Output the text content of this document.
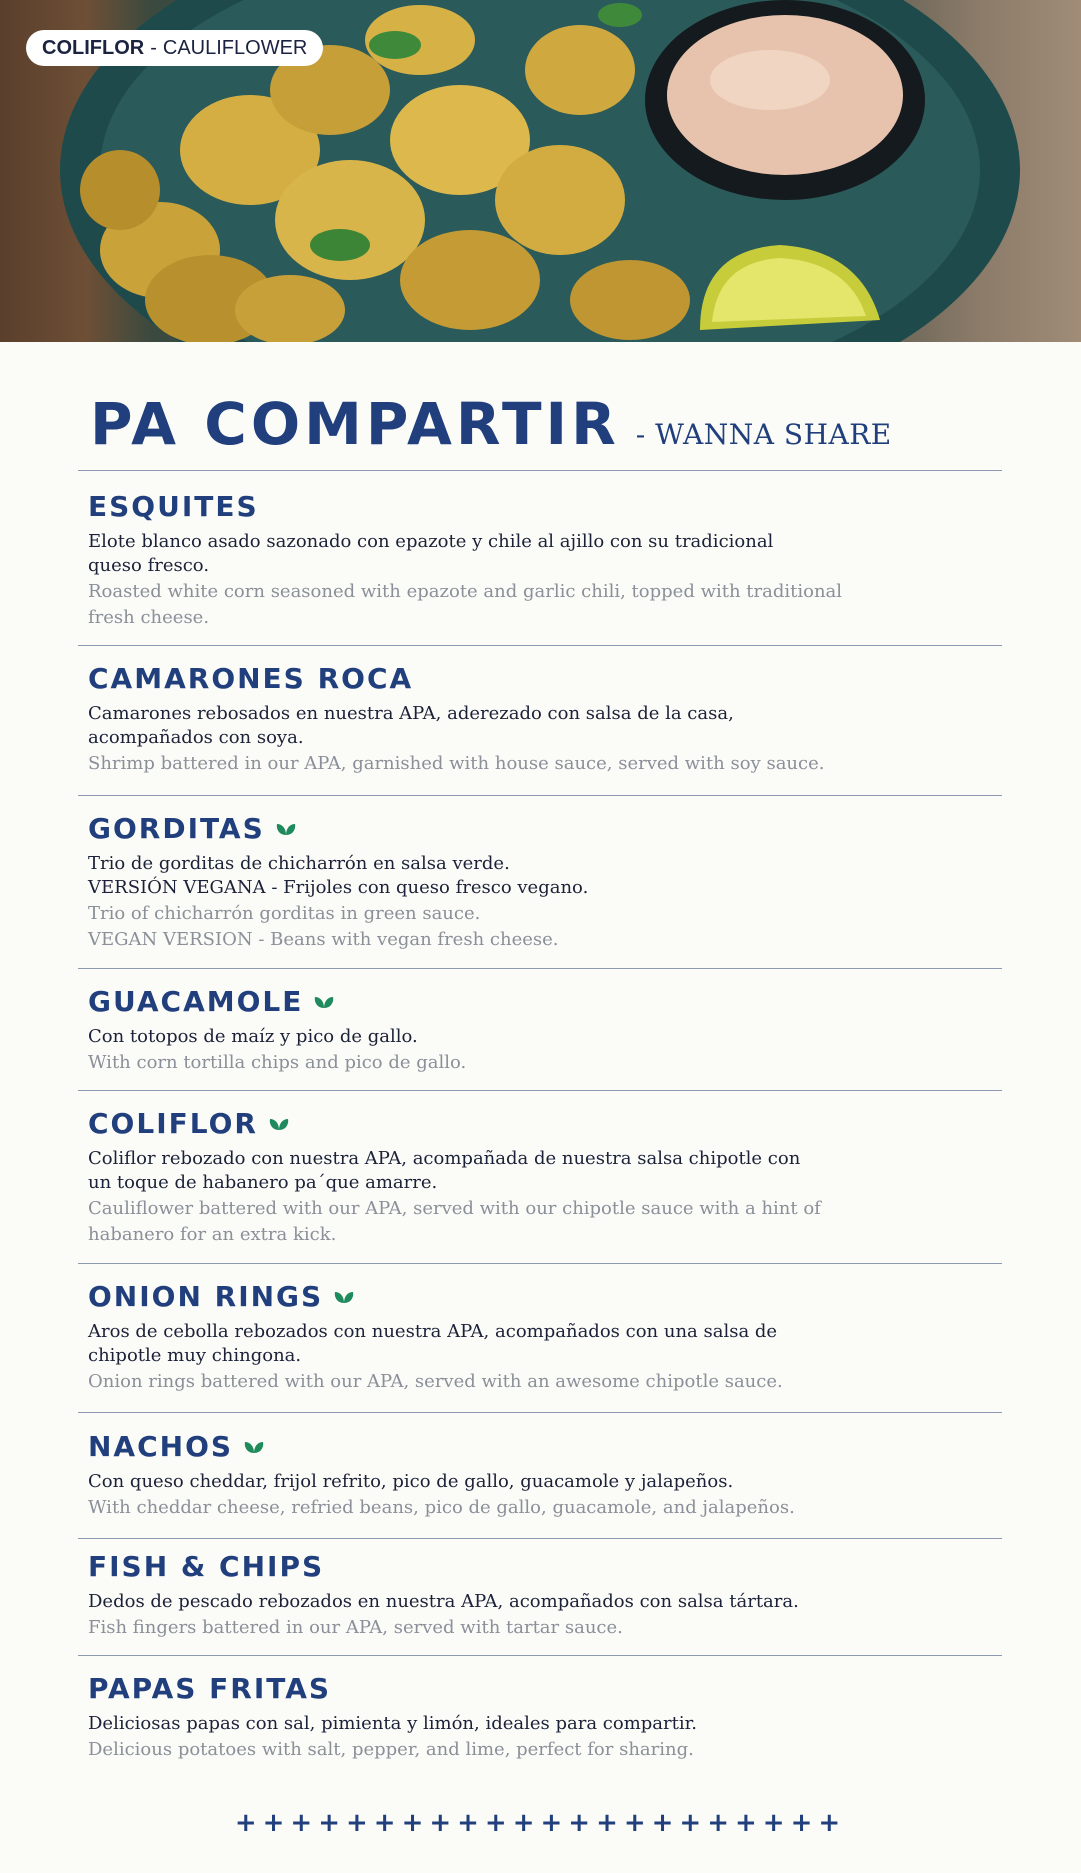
COLIFLOR - CAULIFLOWER
PA COMPARTIR - WANNA SHARE
ESQUITES
Elote blanco asado sazonado con epazote y chile al ajillo con su tradicional
queso fresco.
Roasted white corn seasoned with epazote and garlic chili, topped with traditional
fresh cheese.
CAMARONES ROCA
Camarones rebosados en nuestra APA, aderezado con salsa de la casa,
acompañados con soya.
Shrimp battered in our APA, garnished with house sauce, served with soy sauce.
GORDITAS
Trio de gorditas de chicharrón en salsa verde.
VERSIÓN VEGANA - Frijoles con queso fresco vegano.
Trio of chicharrón gorditas in green sauce.
VEGAN VERSION - Beans with vegan fresh cheese.
GUACAMOLE
Con totopos de maíz y pico de gallo.
With corn tortilla chips and pico de gallo.
COLIFLOR
Coliflor rebozado con nuestra APA, acompañada de nuestra salsa chipotle con
un toque de habanero pa´que amarre.
Cauliflower battered with our APA, served with our chipotle sauce with a hint of
habanero for an extra kick.
ONION RINGS
Aros de cebolla rebozados con nuestra APA, acompañados con una salsa de
chipotle muy chingona.
Onion rings battered with our APA, served with an awesome chipotle sauce.
NACHOS
Con queso cheddar, frijol refrito, pico de gallo, guacamole y jalapeños.
With cheddar cheese, refried beans, pico de gallo, guacamole, and jalapeños.
FISH & CHIPS
Dedos de pescado rebozados en nuestra APA, acompañados con salsa tártara.
Fish fingers battered in our APA, served with tartar sauce.
PAPAS FRITAS
Deliciosas papas con sal, pimienta y limón, ideales para compartir.
Delicious potatoes with salt, pepper, and lime, perfect for sharing.
++++++++++++++++++++++
